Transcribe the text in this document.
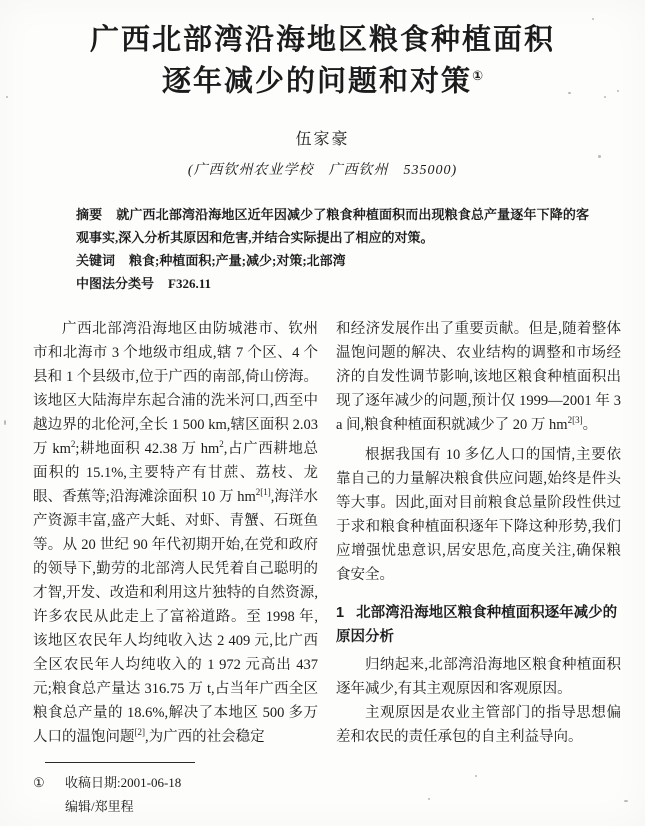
广西北部湾沿海地区粮食种植面积
逐年减少的问题和对策①
伍家豪
(广西钦州农业学校　广西钦州　535000)

摘要 就广西北部湾沿海地区近年因减少了粮食种植面积而出现粮食总产量逐年下降的客观事实,深入分析其原因和危害,并结合实际提出了相应的对策。

关键词 粮食;种植面积;产量;减少;对策;北部湾

中图法分类号 F326.11

广西北部湾沿海地区由防城港市、钦州市和北海市 3 个地级市组成,辖 7 个区、4 个县和 1 个县级市,位于广西的南部,倚山傍海。该地区大陆海岸东起合浦的洗米河口,西至中越边界的北伦河,全长 1 500 km,辖区面积 2.03 万 km$^2$;耕地面积 42.38 万 hm$^2$,占广西耕地总面积的 15.1%,主要特产有甘蔗、荔枝、龙眼、香蕉等;沿海滩涂面积 10 万 hm$^{2[1]}$,海洋水产资源丰富,盛产大蚝、对虾、青蟹、石斑鱼等。从 20 世纪 90 年代初期开始,在党和政府的领导下,勤劳的北部湾人民凭着自己聪明的才智,开发、改造和利用这片独特的自然资源,许多农民从此走上了富裕道路。至 1998 年,该地区农民年人均纯收入达 2 409 元,比广西全区农民年人均纯收入的 1 972 元高出 437 元;粮食总产量达 316.75 万 t,占当年广西全区粮食总产量的 18.6%,解决了本地区 500 多万人口的温饱问题[2],为广西的社会稳定

和经济发展作出了重要贡献。但是,随着整体温饱问题的解决、农业结构的调整和市场经济的自发性调节影响,该地区粮食种植面积出现了逐年减少的问题,预计仅 1999—2001 年 3 a 间,粮食种植面积就减少了 20 万 hm$^{2[3]}$。

根据我国有 10 多亿人口的国情,主要依靠自己的力量解决粮食供应问题,始终是件头等大事。因此,面对目前粮食总量阶段性供过于求和粮食种植面积逐年下降这种形势,我们应增强忧患意识,居安思危,高度关注,确保粮食安全。

1 北部湾沿海地区粮食种植面积逐年减少的原因分析

归纳起来,北部湾沿海地区粮食种植面积逐年减少,有其主观原因和客观原因。

主观原因是农业主管部门的指导思想偏差和农民的责任承包的自主利益导向。

①	收稿日期:2001-06-18
编辑/郑里程
